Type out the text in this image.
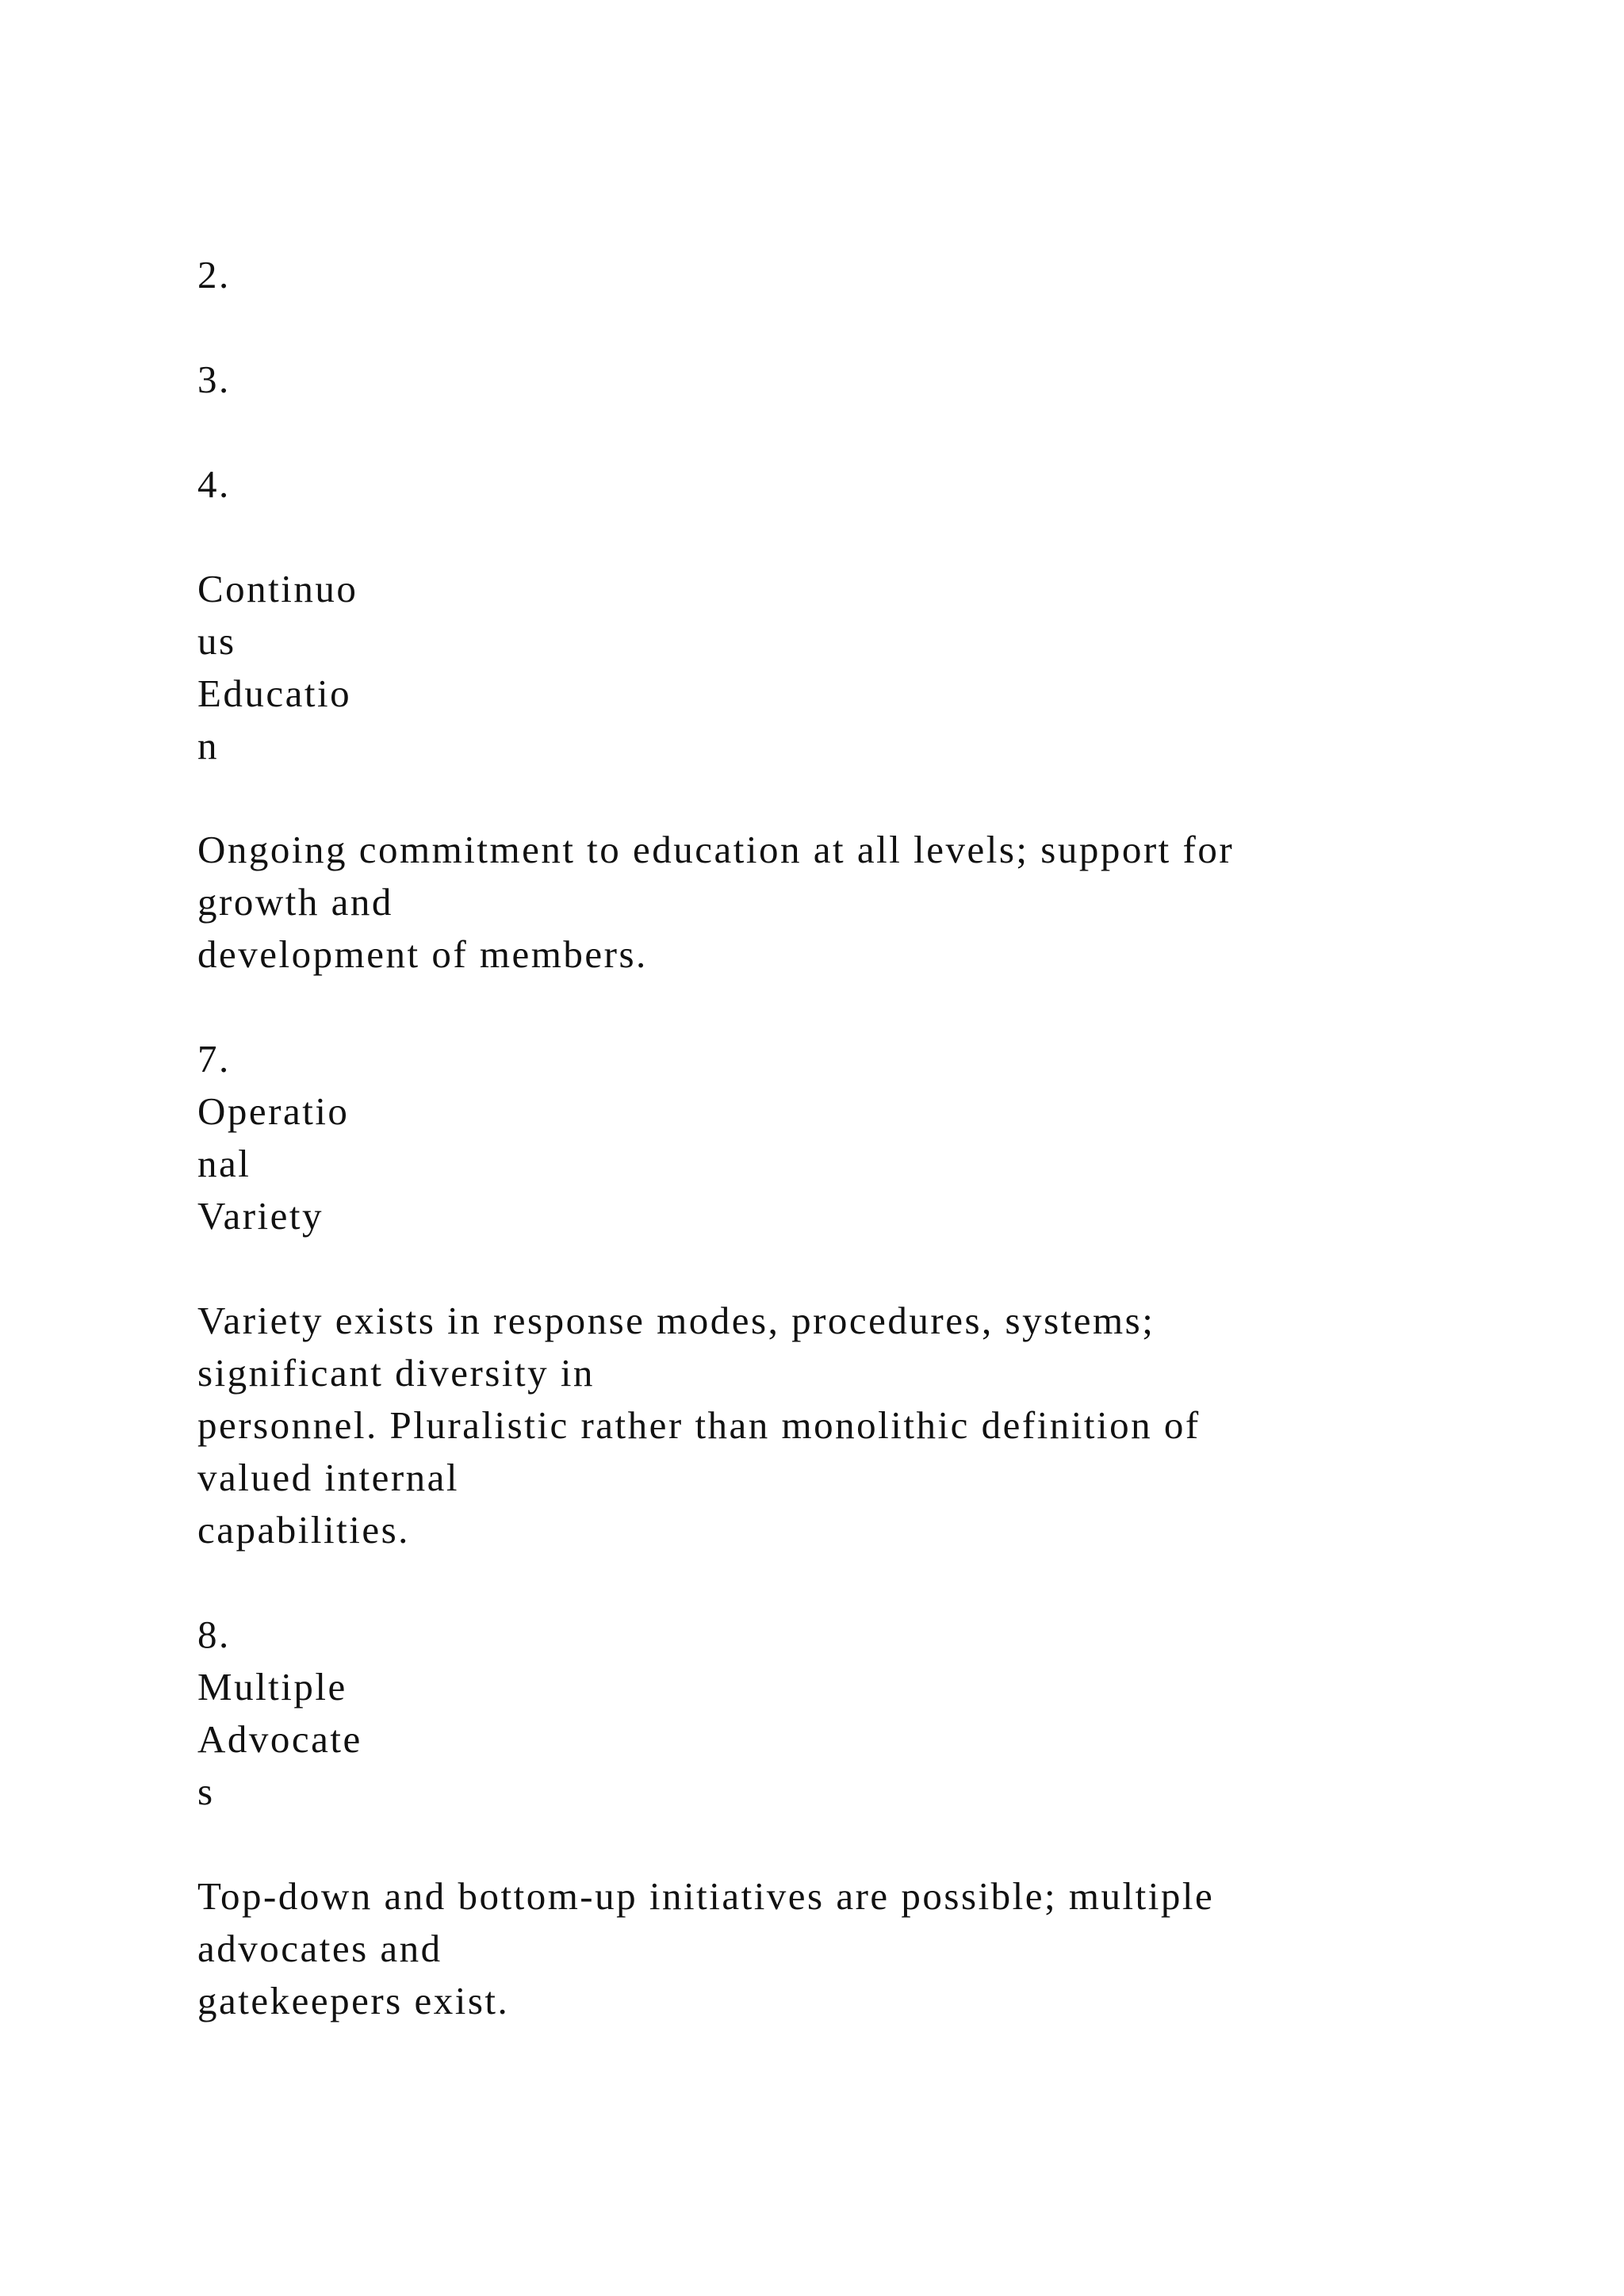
2.
3.
4.
Continuo
us
Educatio
n
Ongoing commitment to education at all levels; support for
growth and
development of members.
7.
Operatio
nal
Variety
Variety exists in response modes, procedures, systems;
significant diversity in
personnel. Pluralistic rather than monolithic definition of
valued internal
capabilities.
8.
Multiple
Advocate
s
Top-down and bottom-up initiatives are possible; multiple
advocates and
gatekeepers exist.
